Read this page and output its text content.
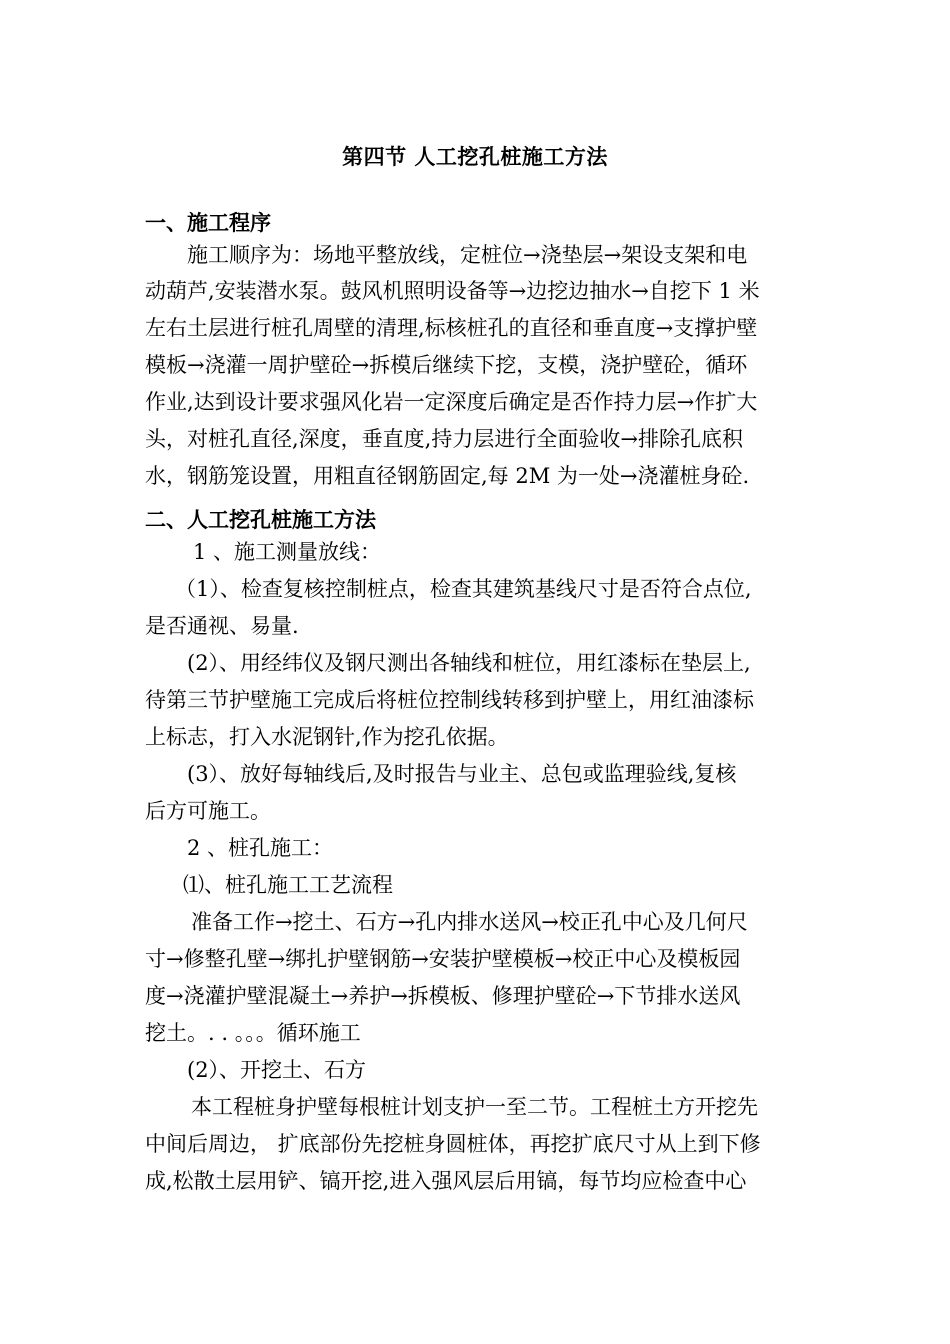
第四节 人工挖孔桩施工方法
一、施工程序
施工顺序为：场地平整放线，定桩位→浇垫层→架设支架和电
动葫芦,安装潜水泵。鼓风机照明设备等→边挖边抽水→自挖下 1 米
左右土层进行桩孔周壁的清理,标核桩孔的直径和垂直度→支撑护壁
模板→浇灌一周护壁砼→拆模后继续下挖，支模，浇护壁砼，循环
作业,达到设计要求强风化岩一定深度后确定是否作持力层→作扩大
头，对桩孔直径,深度，垂直度,持力层进行全面验收→排除孔底积
水，钢筋笼设置，用粗直径钢筋固定,每 2M 为一处→浇灌桩身砼.
二、人工挖孔桩施工方法
1 、施工测量放线：
（1）、检查复核控制桩点，检查其建筑基线尺寸是否符合点位,
是否通视、易量.
(2）、用经纬仪及钢尺测出各轴线和桩位，用红漆标在垫层上,
待第三节护壁施工完成后将桩位控制线转移到护壁上，用红油漆标
上标志，打入水泥钢针,作为挖孔依据。
(3）、放好每轴线后,及时报告与业主、总包或监理验线,复核
后方可施工。
2 、桩孔施工：
⑴、桩孔施工工艺流程
准备工作→挖土、石方→孔内排水送风→校正孔中心及几何尺
寸→修整孔壁→绑扎护壁钢筋→安装护壁模板→校正中心及模板园
度→浇灌护壁混凝土→养护→拆模板、修理护壁砼→下节排水送风
挖土。. . 。。。循环施工
(2）、开挖土、石方
本工程桩身护壁每根桩计划支护一至二节。工程桩土方开挖先
中间后周边， 扩底部份先挖桩身圆桩体，再挖扩底尺寸从上到下修
成,松散土层用铲、镐开挖,进入强风层后用镐，每节均应检查中心
